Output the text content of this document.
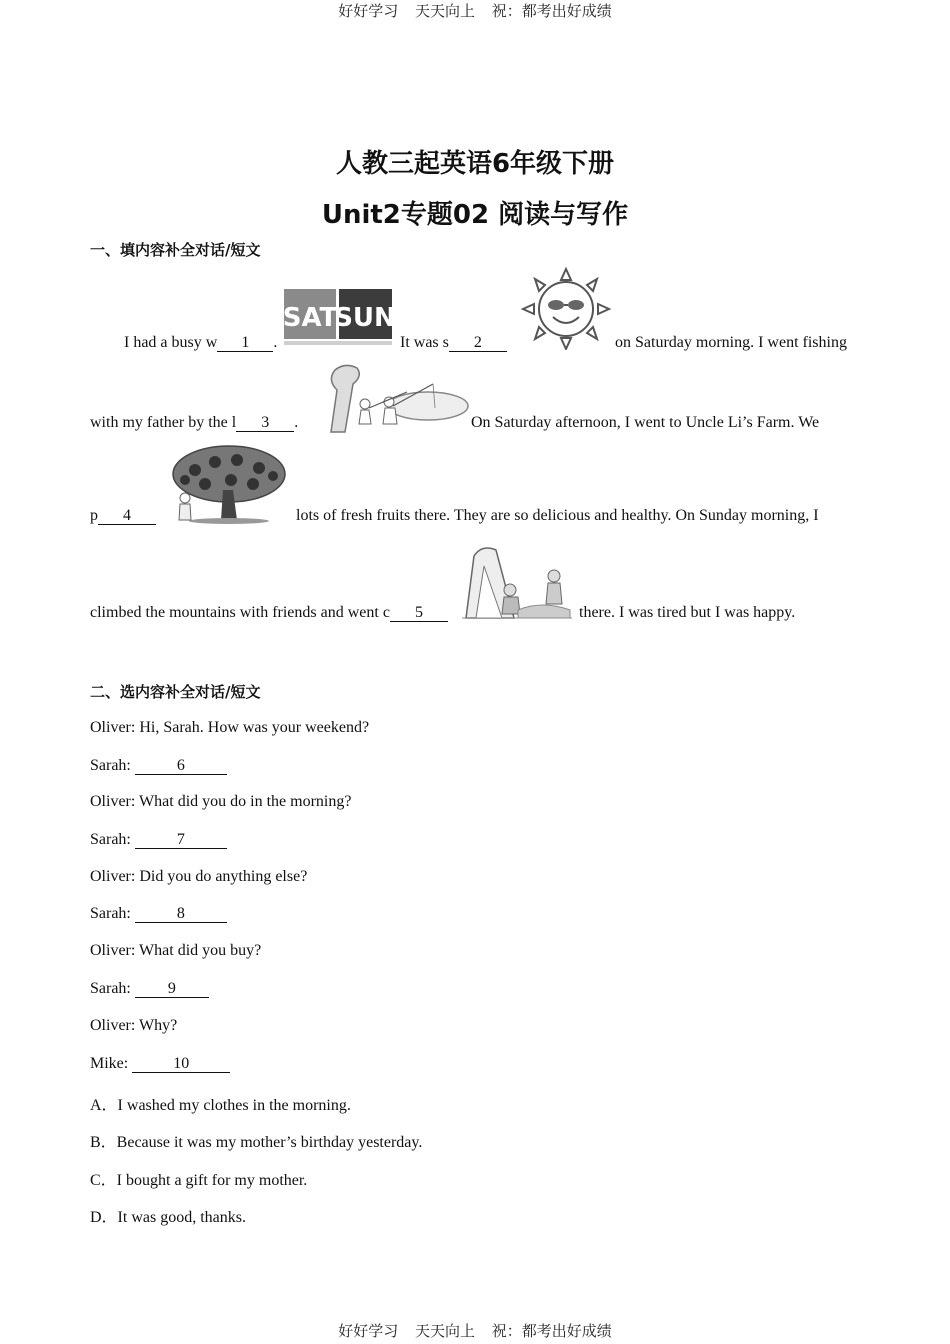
好好学习 天天向上 祝：都考出好成绩
人教三起英语6年级下册
Unit2专题02 阅读与写作
一、填内容补全对话/短文
SAT
SUN
I had a busy w 1 .	It was s 2	on Saturday morning. I went fishing
with my father by the l 3 .	On Saturday afternoon, I went to Uncle Li’s Farm. We
p 4	lots of fresh fruits there. They are so delicious and healthy. On Sunday morning, I
climbed the mountains with friends and went c 5	there. I was tired but I was happy.
二、选内容补全对话/短文
Oliver: Hi, Sarah. How was your weekend?
Sarah:	6
Oliver: What did you do in the morning?
Sarah:	7
Oliver: Did you do anything else?
Sarah:	8
Oliver: What did you buy?
Sarah: 9
Oliver: Why?
Mike:	10
A．I washed my clothes in the morning.
B．Because it was my mother’s birthday yesterday.
C．I bought a gift for my mother.
D．It was good, thanks.
好好学习 天天向上 祝：都考出好成绩
